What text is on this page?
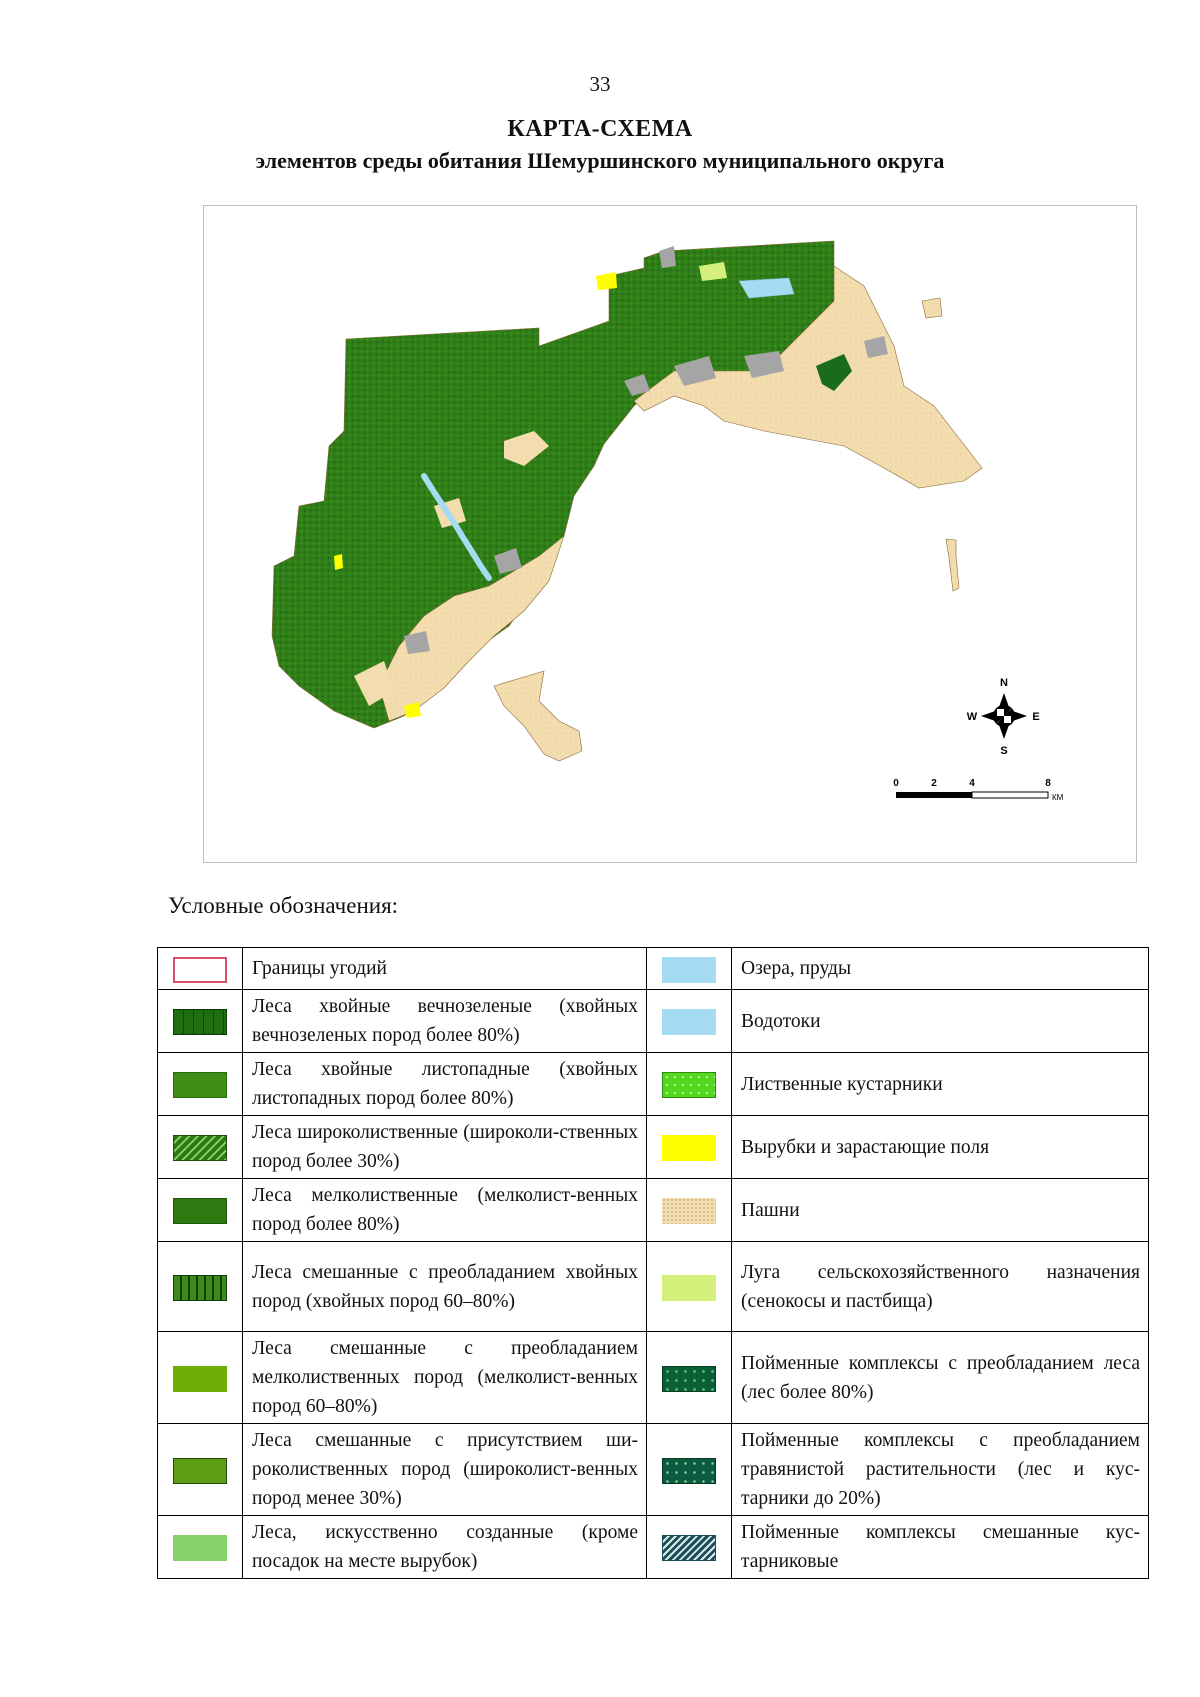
33
КАРТА-СХЕМА
элементов среды обитания Шемуршинского муниципального округа
N
S
W	E
0	2	4	8
КМ
Условные обозначения:
	Границы угодий		Озера, пруды
	Леса хвойные вечнозеленые (хвойных вечнозеленых пород более 80%)		Водотоки
	Леса хвойные листопадные (хвойных листопадных пород более 80%)		Лиственные кустарники
	Леса широколиственные (широколи-ственных пород более 30%)		Вырубки и зарастающие поля
	Леса мелколиственные (мелколист-венных пород более 80%)		Пашни
	Леса смешанные с преобладанием хвойных пород (хвойных пород 60–80%)		Луга сельскохозяйственного назначения (сенокосы и пастбища)
	Леса смешанные с преобладанием мелколиственных пород (мелколист-венных пород 60–80%)		Пойменные комплексы с преобладанием леса (лес более 80%)
	Леса смешанные с присутствием ши-роколиственных пород (широколист-венных пород менее 30%)		Пойменные комплексы с преобладанием травянистой растительности (лес и кус-тарники до 20%)
	Леса, искусственно созданные (кроме посадок на месте вырубок)		Пойменные комплексы смешанные кус-тарниковые
